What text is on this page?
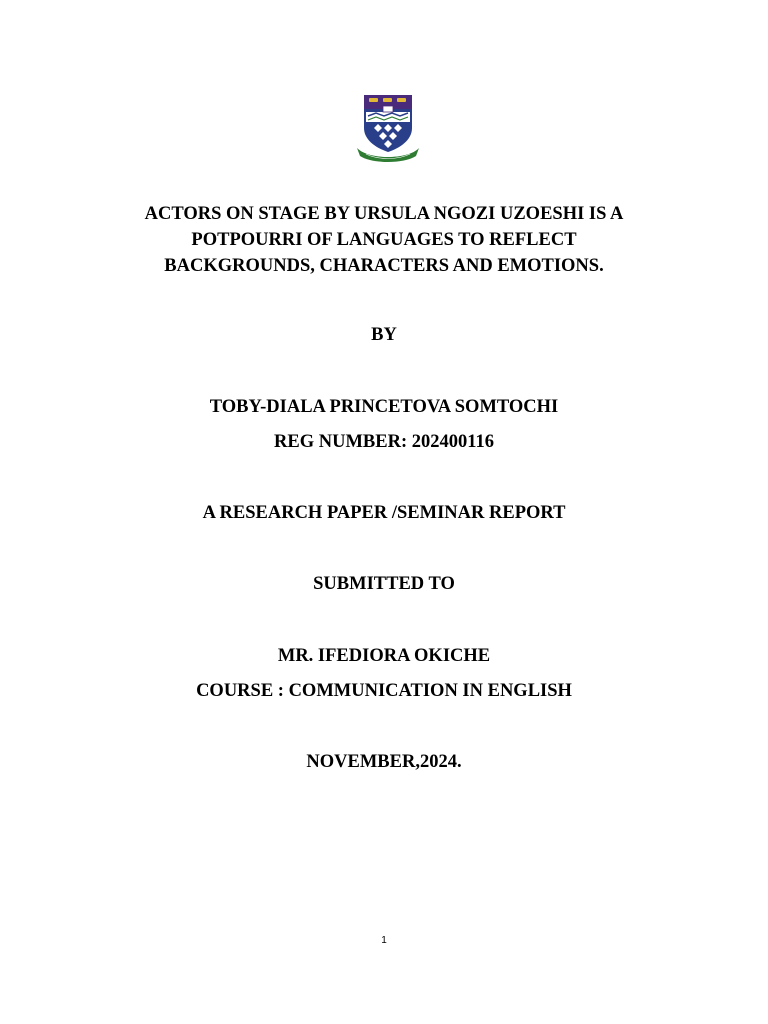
ACTORS ON STAGE BY URSULA NGOZI UZOESHI IS A
POTPOURRI OF LANGUAGES TO REFLECT
BACKGROUNDS, CHARACTERS AND EMOTIONS.
BY
TOBY-DIALA PRINCETOVA SOMTOCHI
REG NUMBER: 202400116
A RESEARCH PAPER /SEMINAR REPORT
SUBMITTED TO
MR. IFEDIORA OKICHE
COURSE : COMMUNICATION IN ENGLISH
NOVEMBER,2024.
1
